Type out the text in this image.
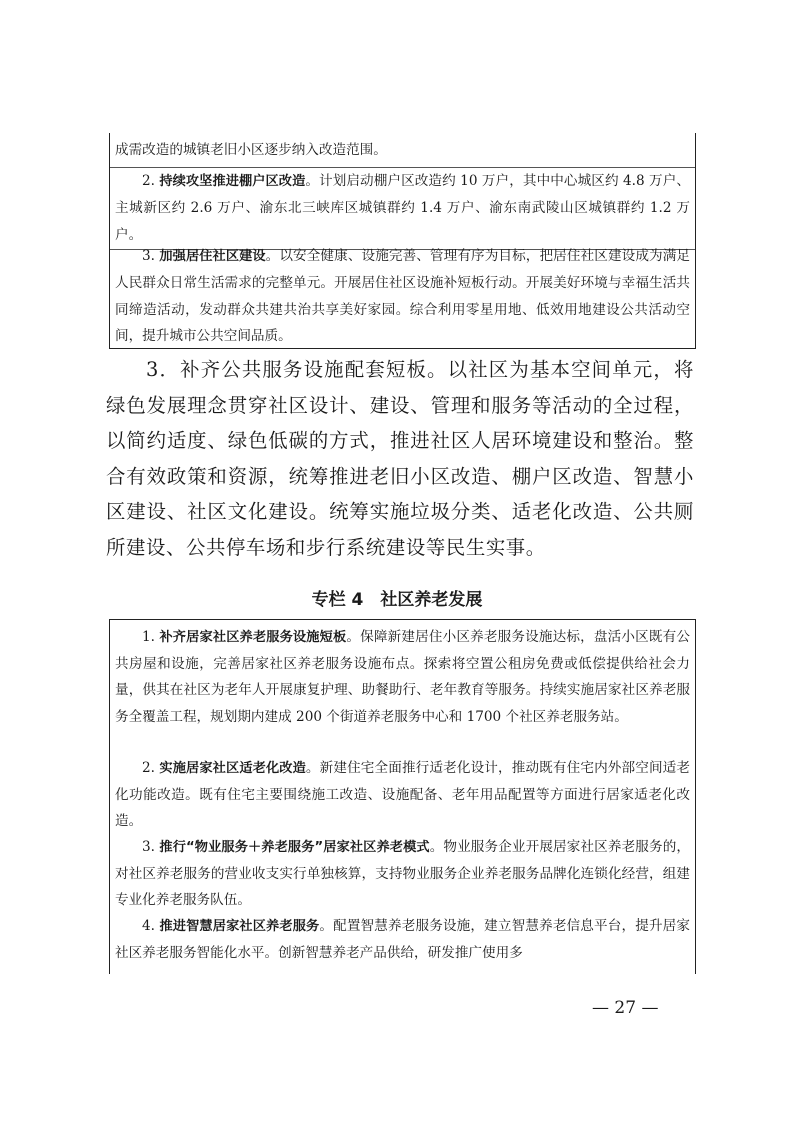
成需改造的城镇老旧小区逐步纳入改造范围。

2. 持续攻坚推进棚户区改造。计划启动棚户区改造约 10 万户，其中中心城区约 4.8 万户、主城新区约 2.6 万户、渝东北三峡库区城镇群约 1.4 万户、渝东南武陵山区城镇群约 1.2 万户。

3. 加强居住社区建设。以安全健康、设施完善、管理有序为目标，把居住社区建设成为满足人民群众日常生活需求的完整单元。开展居住社区设施补短板行动。开展美好环境与幸福生活共同缔造活动，发动群众共建共治共享美好家园。综合利用零星用地、低效用地建设公共活动空间，提升城市公共空间品质。

3．补齐公共服务设施配套短板。以社区为基本空间单元，将绿色发展理念贯穿社区设计、建设、管理和服务等活动的全过程，以简约适度、绿色低碳的方式，推进社区人居环境建设和整治。整合有效政策和资源，统筹推进老旧小区改造、棚户区改造、智慧小区建设、社区文化建设。统筹实施垃圾分类、适老化改造、公共厕所建设、公共停车场和步行系统建设等民生实事。

专栏 4　社区养老发展

1. 补齐居家社区养老服务设施短板。保障新建居住小区养老服务设施达标，盘活小区既有公共房屋和设施，完善居家社区养老服务设施布点。探索将空置公租房免费或低偿提供给社会力量，供其在社区为老年人开展康复护理、助餐助行、老年教育等服务。持续实施居家社区养老服务全覆盖工程，规划期内建成 200 个街道养老服务中心和 1700 个社区养老服务站。

2. 实施居家社区适老化改造。新建住宅全面推行适老化设计，推动既有住宅内外部空间适老化功能改造。既有住宅主要围绕施工改造、设施配备、老年用品配置等方面进行居家适老化改造。

3. 推行“物业服务＋养老服务”居家社区养老模式。物业服务企业开展居家社区养老服务的，对社区养老服务的营业收支实行单独核算，支持物业服务企业养老服务品牌化连锁化经营，组建专业化养老服务队伍。

4. 推进智慧居家社区养老服务。配置智慧养老服务设施，建立智慧养老信息平台，提升居家社区养老服务智能化水平。创新智慧养老产品供给，研发推广使用多

— 27 —
